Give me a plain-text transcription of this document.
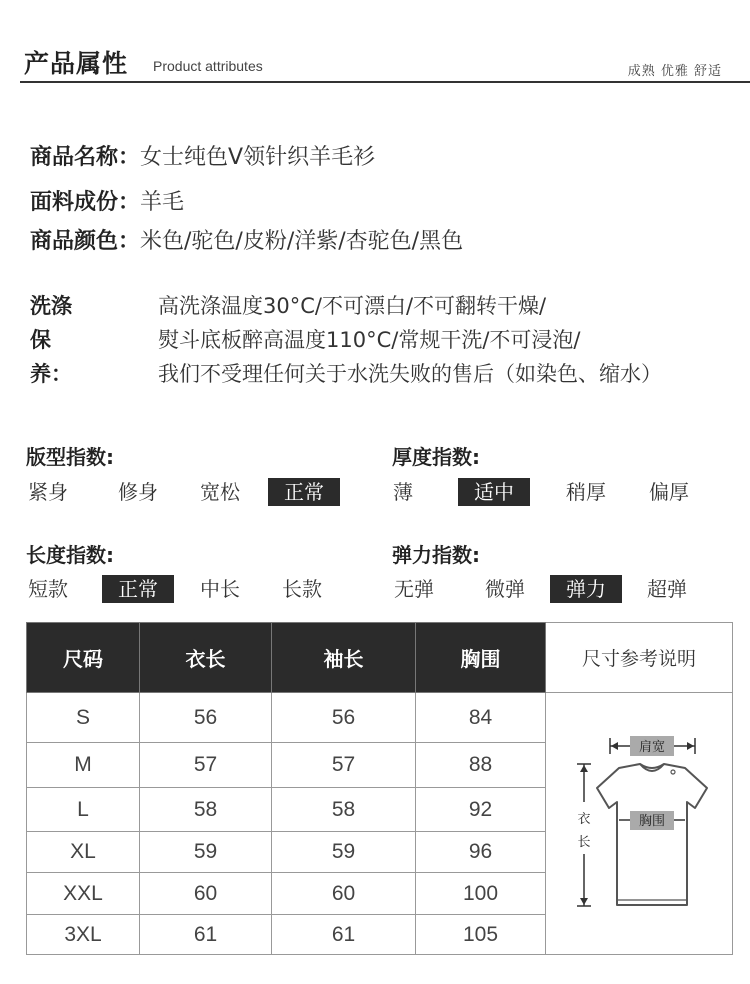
产品属性 Product attributes	成熟 优雅 舒适
商品名称：女士纯色V领针织羊毛衫
面料成份：羊毛
商品颜色：米色/驼色/皮粉/洋紫/杏驼色/黑色
洗涤保养：
高洗涤温度30°C/不可漂白/不可翻转干燥/
熨斗底板醉高温度110°C/常规干洗/不可浸泡/
我们不受理任何关于水洗失败的售后（如染色、缩水）
版型指数:
紧身	修身	宽松	正常
厚度指数:
薄	适中	稍厚	偏厚
长度指数:
短款	正常	中长	长款
弹力指数:
无弹	微弹	弹力	超弹
尺码	衣长	袖长	胸围	尺寸参考说明
S	56	56	84	
M	57	57	88	
L	58	58	92	
XL	59	59	96	
XXL	60	60	100	
3XL	61	61	105	
肩宽
胸围
衣
长
